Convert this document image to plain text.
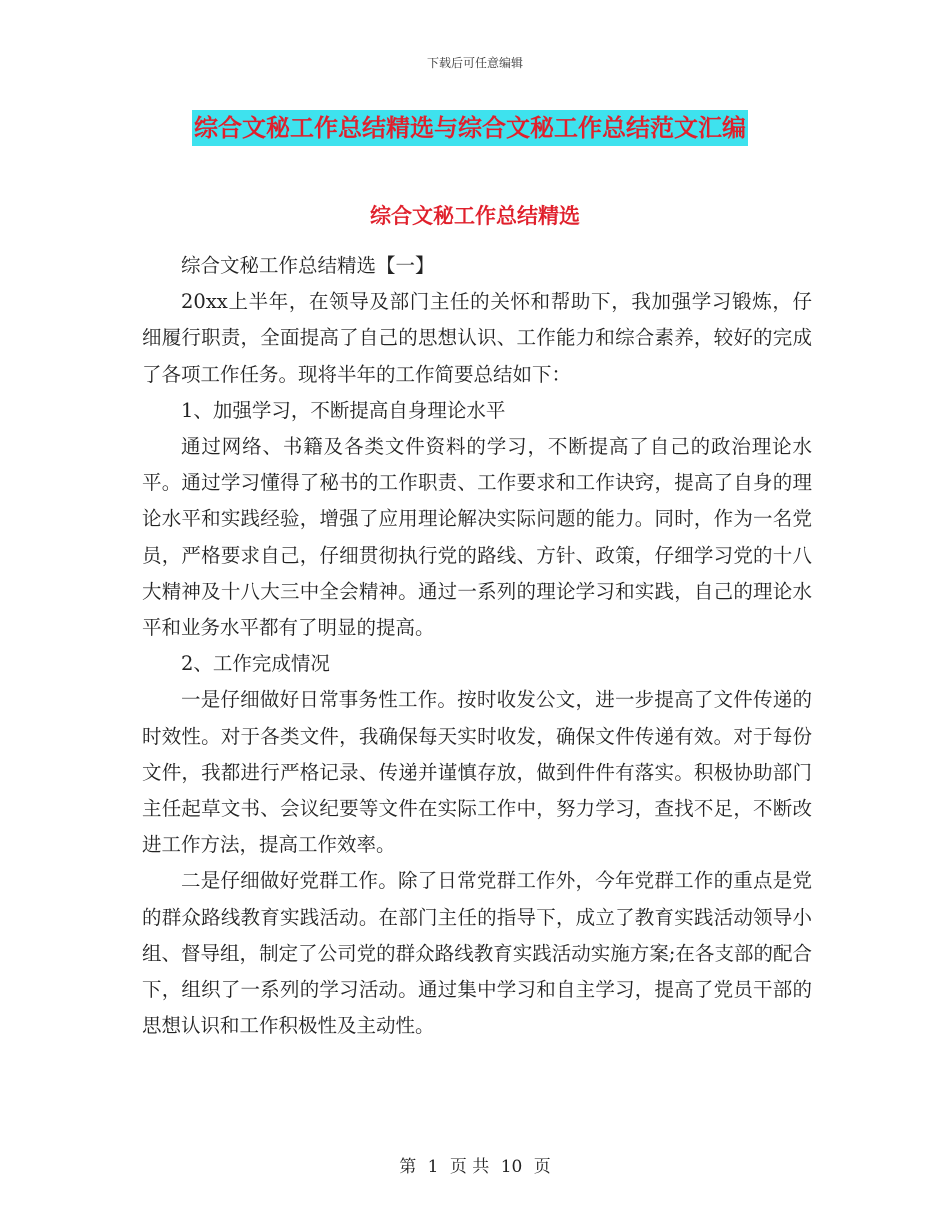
下载后可任意编辑
综合文秘工作总结精选与综合文秘工作总结范文汇编
综合文秘工作总结精选

综合文秘工作总结精选【一】

20xx上半年，在领导及部门主任的关怀和帮助下，我加强学习锻炼，仔细履行职责，全面提高了自己的思想认识、工作能力和综合素养，较好的完成了各项工作任务。现将半年的工作简要总结如下：

1、加强学习，不断提高自身理论水平

通过网络、书籍及各类文件资料的学习，不断提高了自己的政治理论水平。通过学习懂得了秘书的工作职责、工作要求和工作诀窍，提高了自身的理论水平和实践经验，增强了应用理论解决实际问题的能力。同时，作为一名党员，严格要求自己，仔细贯彻执行党的路线、方针、政策，仔细学习党的十八大精神及十八大三中全会精神。通过一系列的理论学习和实践，自己的理论水平和业务水平都有了明显的提高。

2、工作完成情况

一是仔细做好日常事务性工作。按时收发公文，进一步提高了文件传递的时效性。对于各类文件，我确保每天实时收发，确保文件传递有效。对于每份文件，我都进行严格记录、传递并谨慎存放，做到件件有落实。积极协助部门主任起草文书、会议纪要等文件在实际工作中，努力学习，查找不足，不断改进工作方法，提高工作效率。

二是仔细做好党群工作。除了日常党群工作外，今年党群工作的重点是党的群众路线教育实践活动。在部门主任的指导下，成立了教育实践活动领导小组、督导组，制定了公司党的群众路线教育实践活动实施方案;在各支部的配合下，组织了一系列的学习活动。通过集中学习和自主学习，提高了党员干部的思想认识和工作积极性及主动性。

第 1 页 共 10 页
